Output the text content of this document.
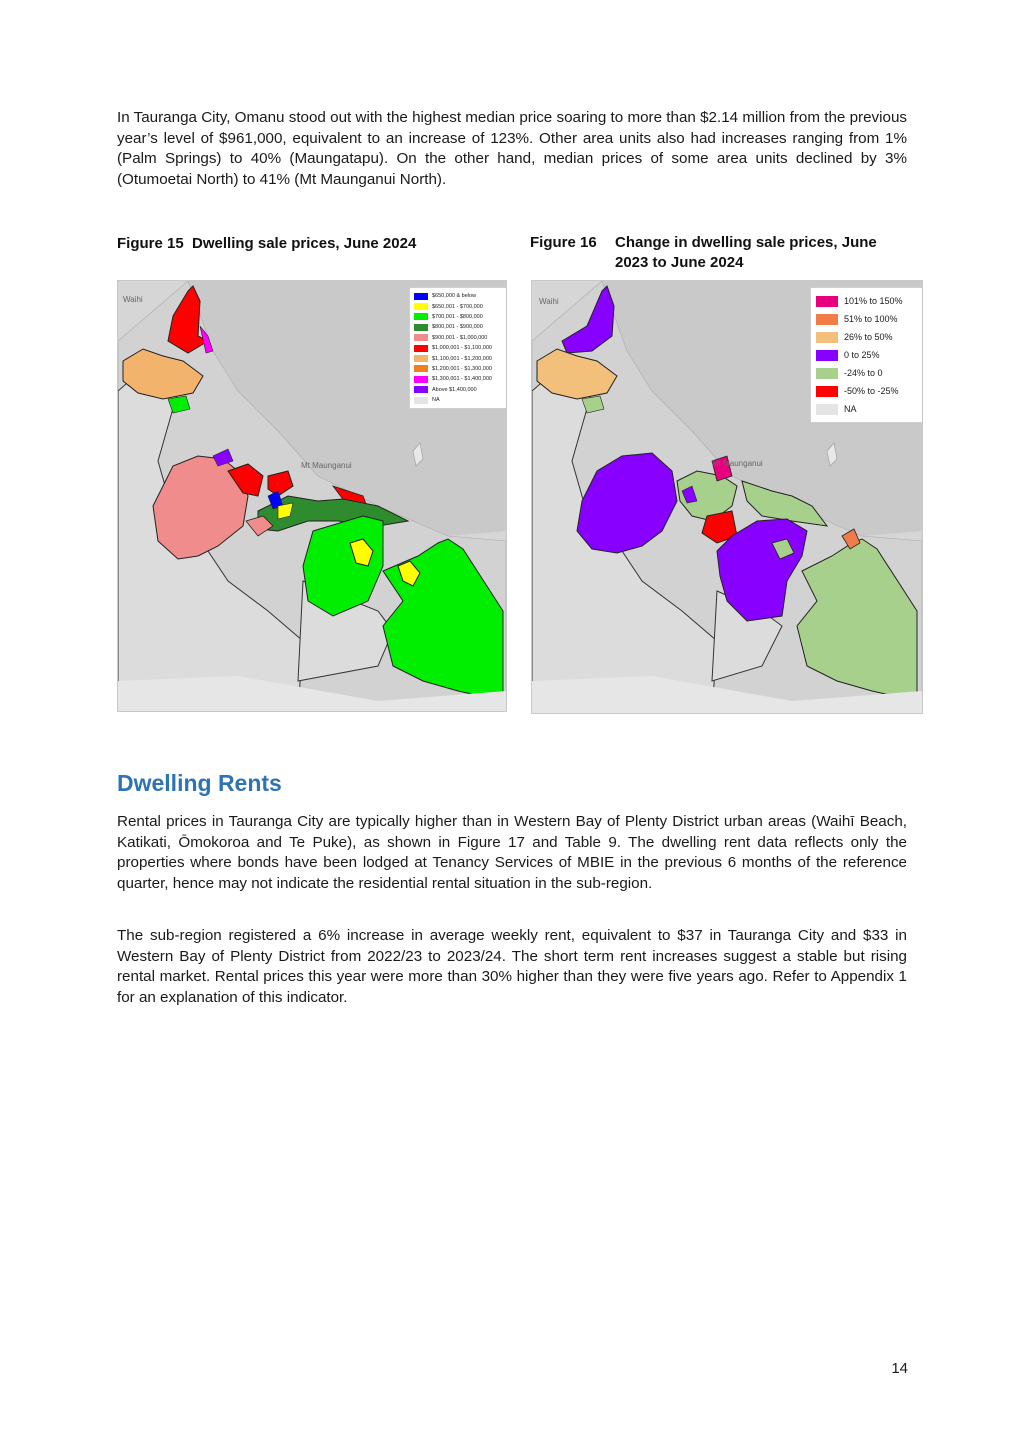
In Tauranga City, Omanu stood out with the highest median price soaring to more than $2.14 million from the previous year’s level of $961,000, equivalent to an increase of 123%. Other area units also had increases ranging from 1% (Palm Springs) to 40% (Maungatapu). On the other hand, median prices of some area units declined by 3% (Otumoetai North) to 41% (Mt Maunganui North).

Figure 15 Dwelling sale prices, June 2024	Figure 16 Change in dwelling sale prices, June 2023 to June 2024
Waihi
Mt Maunganui
$650,000 & below
$650,001 - $700,000
$700,001 - $800,000
$800,001 - $900,000
$900,001 - $1,000,000
$1,000,001 - $1,100,000
$1,100,001 - $1,200,000
$1,200,001 - $1,300,000
$1,300,001 - $1,400,000
Above $1,400,000
NA
Waihi
Mt Maunganui
101% to 150%
51% to 100%
26% to 50%
0 to 25%
-24% to 0
-50% to -25%
NA
Dwelling Rents

Rental prices in Tauranga City are typically higher than in Western Bay of Plenty District urban areas (Waihī Beach, Katikati, Ōmokoroa and Te Puke), as shown in Figure 17 and Table 9. The dwelling rent data reflects only the properties where bonds have been lodged at Tenancy Services of MBIE in the previous 6 months of the reference quarter, hence may not indicate the residential rental situation in the sub-region.

The sub-region registered a 6% increase in average weekly rent, equivalent to $37 in Tauranga City and $33 in Western Bay of Plenty District from 2022/23 to 2023/24. The short term rent increases suggest a stable but rising rental market. Rental prices this year were more than 30% higher than they were five years ago. Refer to Appendix 1 for an explanation of this indicator.

14
